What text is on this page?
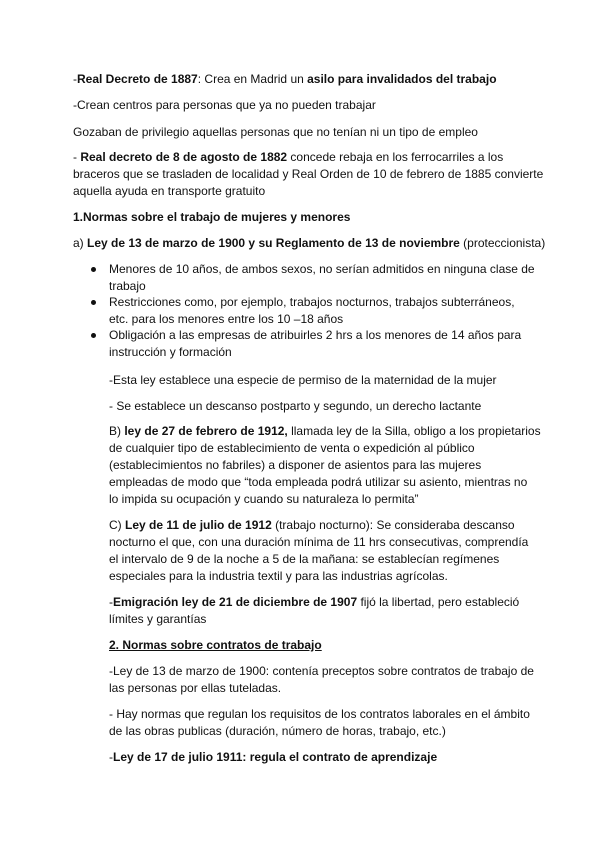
-Real Decreto de 1887: Crea en Madrid un asilo para invalidados del trabajo

-Crean centros para personas que ya no pueden trabajar

Gozaban de privilegio aquellas personas que no tenían ni un tipo de empleo

- Real decreto de 8 de agosto de 1882 concede rebaja en los ferrocarriles a los

braceros que se trasladen de localidad y Real Orden de 10 de febrero de 1885 convierte

aquella ayuda en transporte gratuito

1.Normas sobre el trabajo de mujeres y menores

a) Ley de 13 de marzo de 1900 y su Reglamento de 13 de noviembre (proteccionista)

Menores de 10 años, de ambos sexos, no serían admitidos en ninguna clase de

trabajo

Restricciones como, por ejemplo, trabajos nocturnos, trabajos subterráneos,

etc. para los menores entre los 10 –18 años

Obligación a las empresas de atribuirles 2 hrs a los menores de 14 años para

instrucción y formación

-Esta ley establece una especie de permiso de la maternidad de la mujer

- Se establece un descanso postparto y segundo, un derecho lactante

B) ley de 27 de febrero de 1912, llamada ley de la Silla, obligo a los propietarios

de cualquier tipo de establecimiento de venta o expedición al público

(establecimientos no fabriles) a disponer de asientos para las mujeres

empleadas de modo que “toda empleada podrá utilizar su asiento, mientras no

lo impida su ocupación y cuando su naturaleza lo permita”

C) Ley de 11 de julio de 1912 (trabajo nocturno): Se consideraba descanso

nocturno el que, con una duración mínima de 11 hrs consecutivas, comprendía

el intervalo de 9 de la noche a 5 de la mañana: se establecían regímenes

especiales para la industria textil y para las industrias agrícolas.

-Emigración ley de 21 de diciembre de 1907 fijó la libertad, pero estableció

límites y garantías

2. Normas sobre contratos de trabajo

-Ley de 13 de marzo de 1900: contenía preceptos sobre contratos de trabajo de

las personas por ellas tuteladas.

- Hay normas que regulan los requisitos de los contratos laborales en el ámbito

de las obras publicas (duración, número de horas, trabajo, etc.)

-Ley de 17 de julio 1911: regula el contrato de aprendizaje
